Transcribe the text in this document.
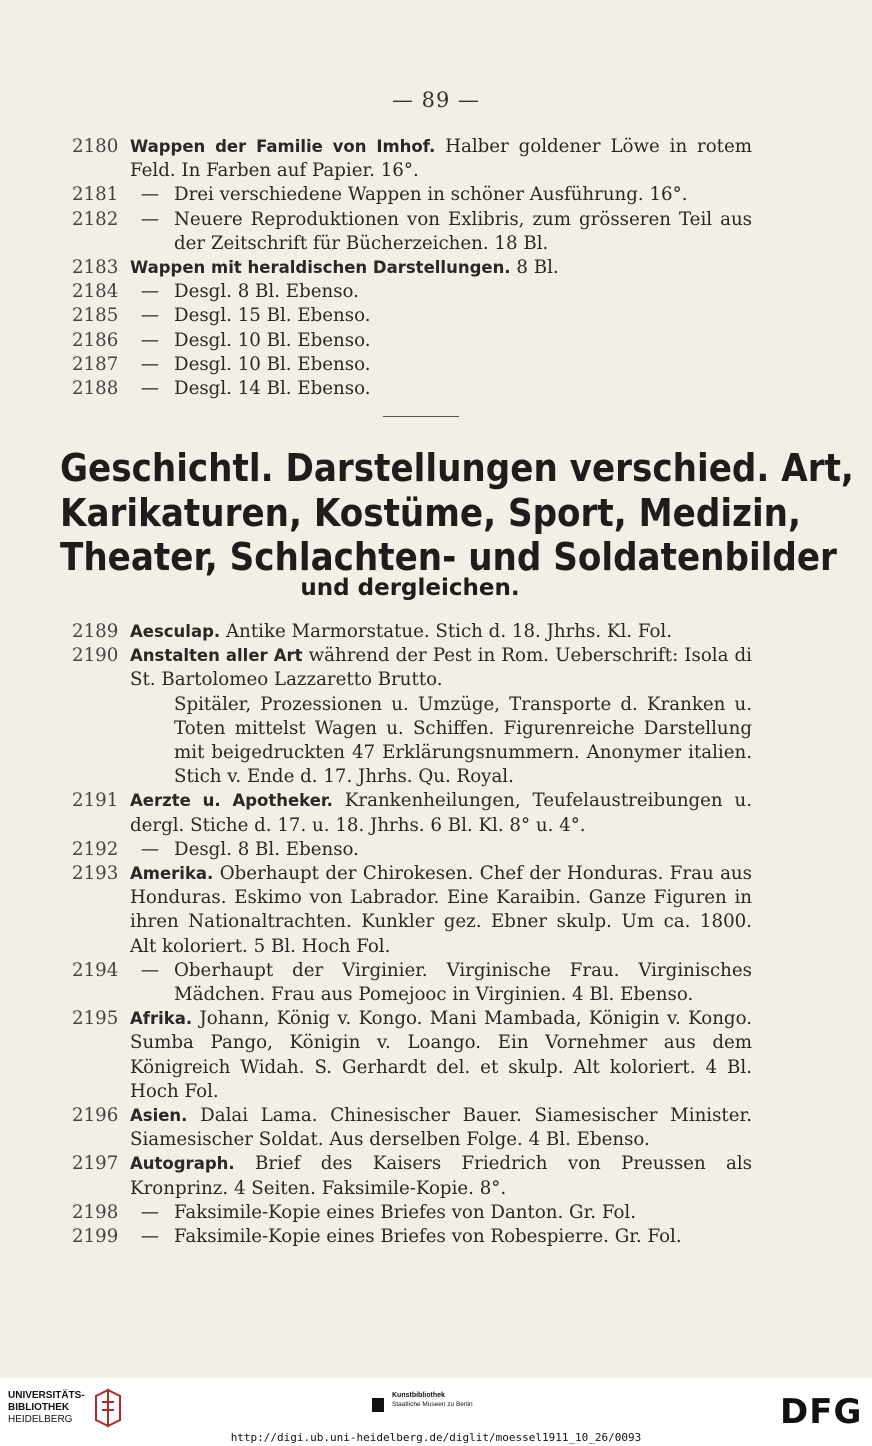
— 89 —
2180 Wappen der Familie von Imhof. Halber goldener Löwe in rotem Feld. In Farben auf Papier. 16°.
2181	— Drei verschiedene Wappen in schöner Ausführung. 16°.
2182	— Neuere Reproduktionen von Exlibris, zum grösseren Teil aus der Zeitschrift für Bücherzeichen. 18 Bl.
2183 Wappen mit heraldischen Darstellungen. 8 Bl.
2184	— Desgl. 8 Bl. Ebenso.
2185	— Desgl. 15 Bl. Ebenso.
2186	— Desgl. 10 Bl. Ebenso.
2187	— Desgl. 10 Bl. Ebenso.
2188	— Desgl. 14 Bl. Ebenso.
Geschichtl. Darstellungen verschied. Art,
Karikaturen, Kostüme, Sport, Medizin,
Theater, Schlachten- und Soldatenbilder
und dergleichen.
2189 Aesculap. Antike Marmorstatue. Stich d. 18. Jhrhs. Kl. Fol.
2190 Anstalten aller Art während der Pest in Rom. Ueberschrift: Isola di St. Bartolomeo Lazzaretto Brutto.
Spitäler, Prozessionen u. Umzüge, Transporte d. Kranken u. Toten mittelst Wagen u. Schiffen. Figurenreiche Darstellung mit beigedruckten 47 Erklärungsnummern. Anonymer italien. Stich v. Ende d. 17. Jhrhs. Qu. Royal.
2191 Aerzte u. Apotheker. Krankenheilungen, Teufelaustreibungen u. dergl. Stiche d. 17. u. 18. Jhrhs. 6 Bl. Kl. 8° u. 4°.
2192	— Desgl. 8 Bl. Ebenso.
2193 Amerika. Oberhaupt der Chirokesen. Chef der Honduras. Frau aus Honduras. Eskimo von Labrador. Eine Karaibin. Ganze Figuren in ihren Nationaltrachten. Kunkler gez. Ebner skulp. Um ca. 1800. Alt koloriert. 5 Bl. Hoch Fol.
2194	— Oberhaupt der Virginier. Virginische Frau. Virginisches Mädchen. Frau aus Pomejooc in Virginien. 4 Bl. Ebenso.
2195 Afrika. Johann, König v. Kongo. Mani Mambada, Königin v. Kongo. Sumba Pango, Königin v. Loango. Ein Vornehmer aus dem Königreich Widah. S. Gerhardt del. et skulp. Alt koloriert. 4 Bl. Hoch Fol.
2196 Asien. Dalai Lama. Chinesischer Bauer. Siamesischer Minister. Siamesischer Soldat. Aus derselben Folge. 4 Bl. Ebenso.
2197 Autograph. Brief des Kaisers Friedrich von Preussen als Kronprinz. 4 Seiten. Faksimile-Kopie. 8°.
2198	— Faksimile-Kopie eines Briefes von Danton. Gr. Fol.
2199	— Faksimile-Kopie eines Briefes von Robespierre. Gr. Fol.
UNIVERSITÄTS-
BIBLIOTHEK
HEIDELBERG
Kunstbibliothek
Staatliche Museen zu Berlin	DFG
http://digi.ub.uni-heidelberg.de/diglit/moessel1911_10_26/0093
